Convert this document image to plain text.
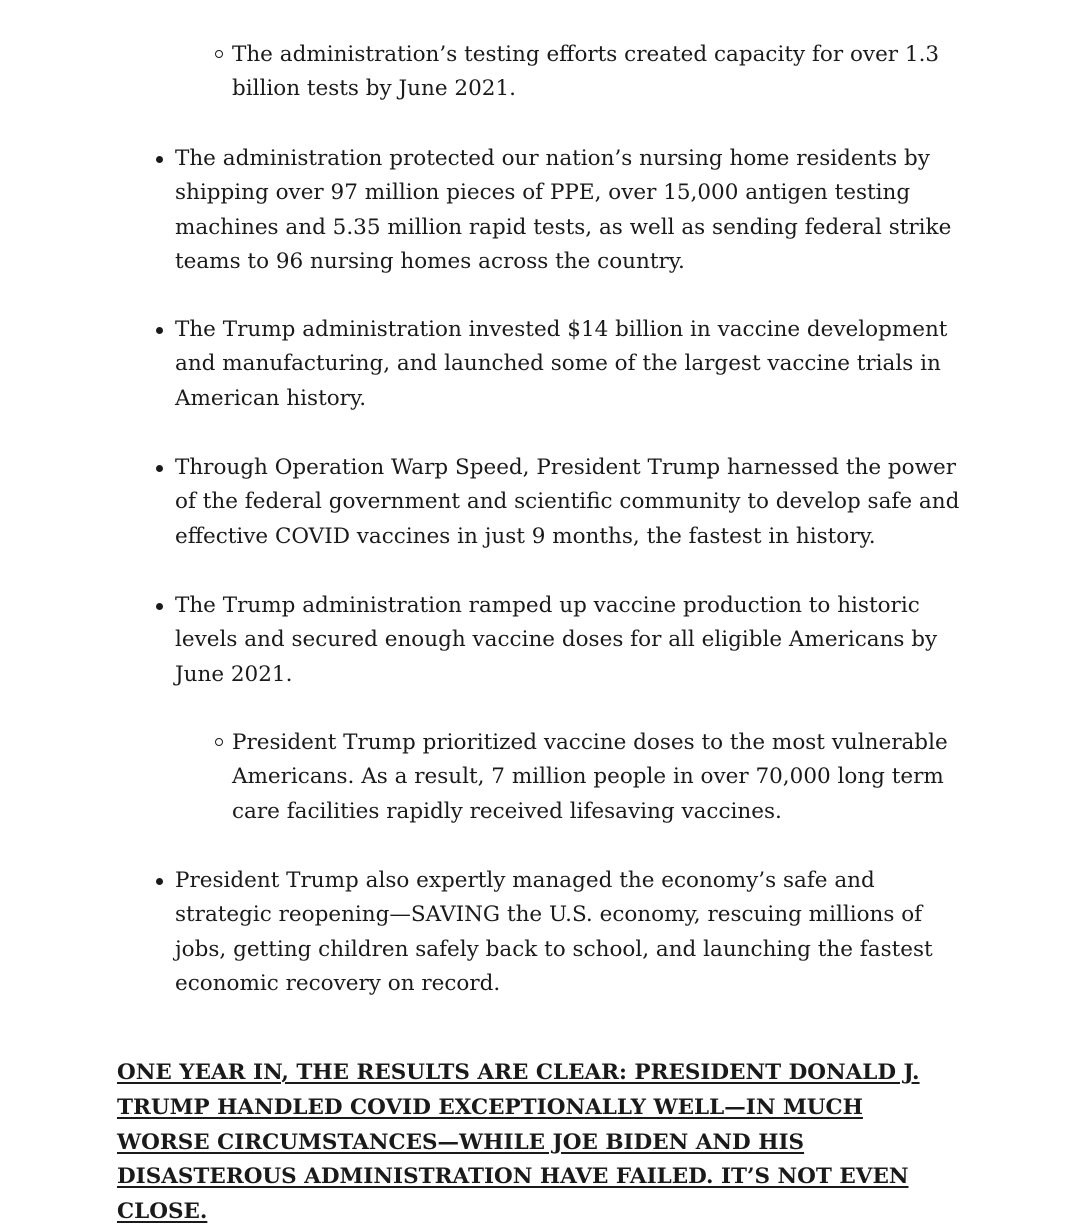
The administration’s testing efforts created capacity for over 1.3 billion tests by June 2021.

The administration protected our nation’s nursing home residents by shipping over 97 million pieces of PPE, over 15,000 antigen testing machines and 5.35 million rapid tests, as well as sending federal strike teams to 96 nursing homes across the country.

The Trump administration invested $14 billion in vaccine development and manufacturing, and launched some of the largest vaccine trials in American history.

Through Operation Warp Speed, President Trump harnessed the power of the federal government and scientific community to develop safe and effective COVID vaccines in just 9 months, the fastest in history.

The Trump administration ramped up vaccine production to historic levels and secured enough vaccine doses for all eligible Americans by June 2021.

President Trump prioritized vaccine doses to the most vulnerable Americans. As a result, 7 million people in over 70,000 long term care facilities rapidly received lifesaving vaccines.

President Trump also expertly managed the economy’s safe and strategic reopening—SAVING the U.S. economy, rescuing millions of jobs, getting children safely back to school, and launching the fastest economic recovery on record.

ONE YEAR IN, THE RESULTS ARE CLEAR: PRESIDENT DONALD J. TRUMP HANDLED COVID EXCEPTIONALLY WELL—IN MUCH WORSE CIRCUMSTANCES—WHILE JOE BIDEN AND HIS DISASTEROUS ADMINISTRATION HAVE FAILED. IT’S NOT EVEN CLOSE.
